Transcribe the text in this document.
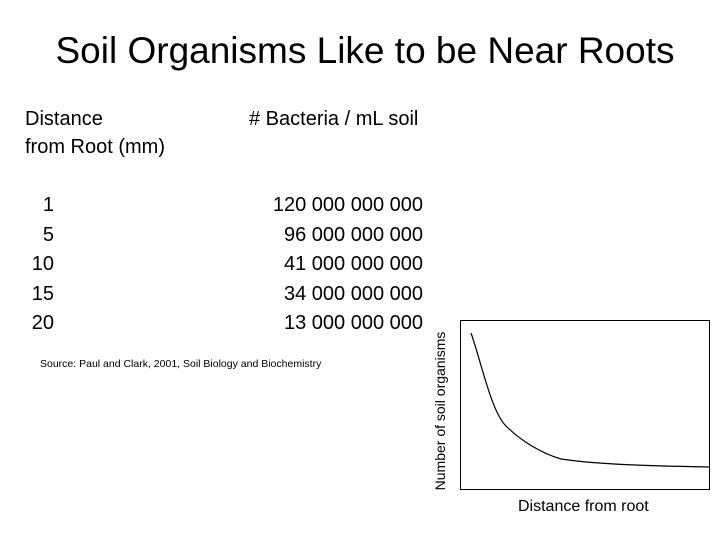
Soil Organisms Like to be Near Roots
Distance
from Root (mm)
# Bacteria / mL soil
1
5
10
15
20
120 000 000 000
96 000 000 000
41 000 000 000
34 000 000 000
13 000 000 000
Source: Paul and Clark, 2001, Soil Biology and Biochemistry	Number of soil organisms
Distance from root
